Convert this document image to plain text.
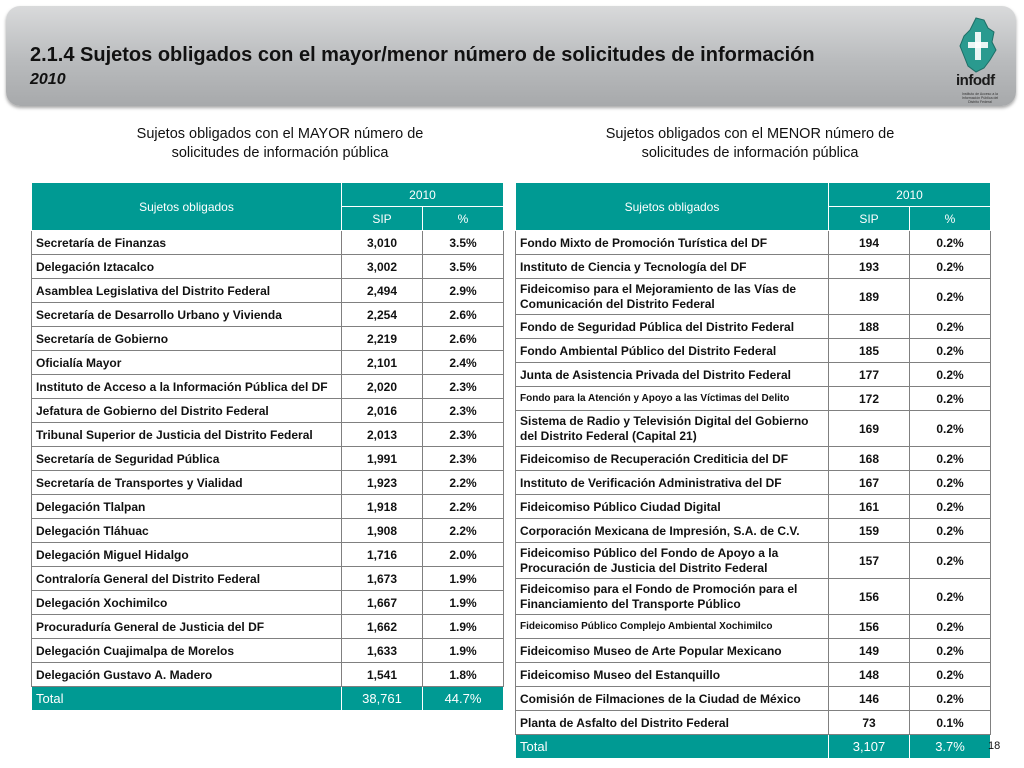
2.1.4 Sujetos obligados con el mayor/menor número de solicitudes de información
2010	infodf
Instituto de Acceso a la Información Pública del Distrito Federal
Sujetos obligados con el MAYOR número de
solicitudes de información pública
Sujetos obligados con el MENOR número de
solicitudes de información pública
Sujetos obligados	2010	
	SIP	%
Secretaría de Finanzas	3,010	3.5%
Delegación Iztacalco	3,002	3.5%
Asamblea Legislativa del Distrito Federal	2,494	2.9%
Secretaría de Desarrollo Urbano y Vivienda	2,254	2.6%
Secretaría de Gobierno	2,219	2.6%
Oficialía Mayor	2,101	2.4%
Instituto de Acceso a la Información Pública del DF	2,020	2.3%
Jefatura de Gobierno del Distrito Federal	2,016	2.3%
Tribunal Superior de Justicia del Distrito Federal	2,013	2.3%
Secretaría de Seguridad Pública	1,991	2.3%
Secretaría de Transportes y Vialidad	1,923	2.2%
Delegación Tlalpan	1,918	2.2%
Delegación Tláhuac	1,908	2.2%
Delegación Miguel Hidalgo	1,716	2.0%
Contraloría General del Distrito Federal	1,673	1.9%
Delegación Xochimilco	1,667	1.9%
Procuraduría General de Justicia del DF	1,662	1.9%
Delegación Cuajimalpa de Morelos	1,633	1.9%
Delegación Gustavo A. Madero	1,541	1.8%
Total	38,761	44.7%
Sujetos obligados	2010	
	SIP	%
Fondo Mixto de Promoción Turística del DF	194	0.2%
Instituto de Ciencia y Tecnología del DF	193	0.2%
Fideicomiso para el Mejoramiento de las Vías de Comunicación del Distrito Federal	189	0.2%
Fondo de Seguridad Pública del Distrito Federal	188	0.2%
Fondo Ambiental Público del Distrito Federal	185	0.2%
Junta de Asistencia Privada del Distrito Federal	177	0.2%
Fondo para la Atención y Apoyo a las Víctimas del Delito	172	0.2%
Sistema de Radio y Televisión Digital del Gobierno del Distrito Federal (Capital 21)	169	0.2%
Fideicomiso de Recuperación Crediticia del DF	168	0.2%
Instituto de Verificación Administrativa del DF	167	0.2%
Fideicomiso Público Ciudad Digital	161	0.2%
Corporación Mexicana de Impresión, S.A. de C.V.	159	0.2%
Fideicomiso Público del Fondo de Apoyo a la Procuración de Justicia del Distrito Federal	157	0.2%
Fideicomiso para el Fondo de Promoción para el Financiamiento del Transporte Público	156	0.2%
Fideicomiso Público Complejo Ambiental Xochimilco	156	0.2%
Fideicomiso Museo de Arte Popular Mexicano	149	0.2%
Fideicomiso Museo del Estanquillo	148	0.2%
Comisión de Filmaciones de la Ciudad de México	146	0.2%
Planta de Asfalto del Distrito Federal	73	0.1%
Total	3,107	3.7% 18
